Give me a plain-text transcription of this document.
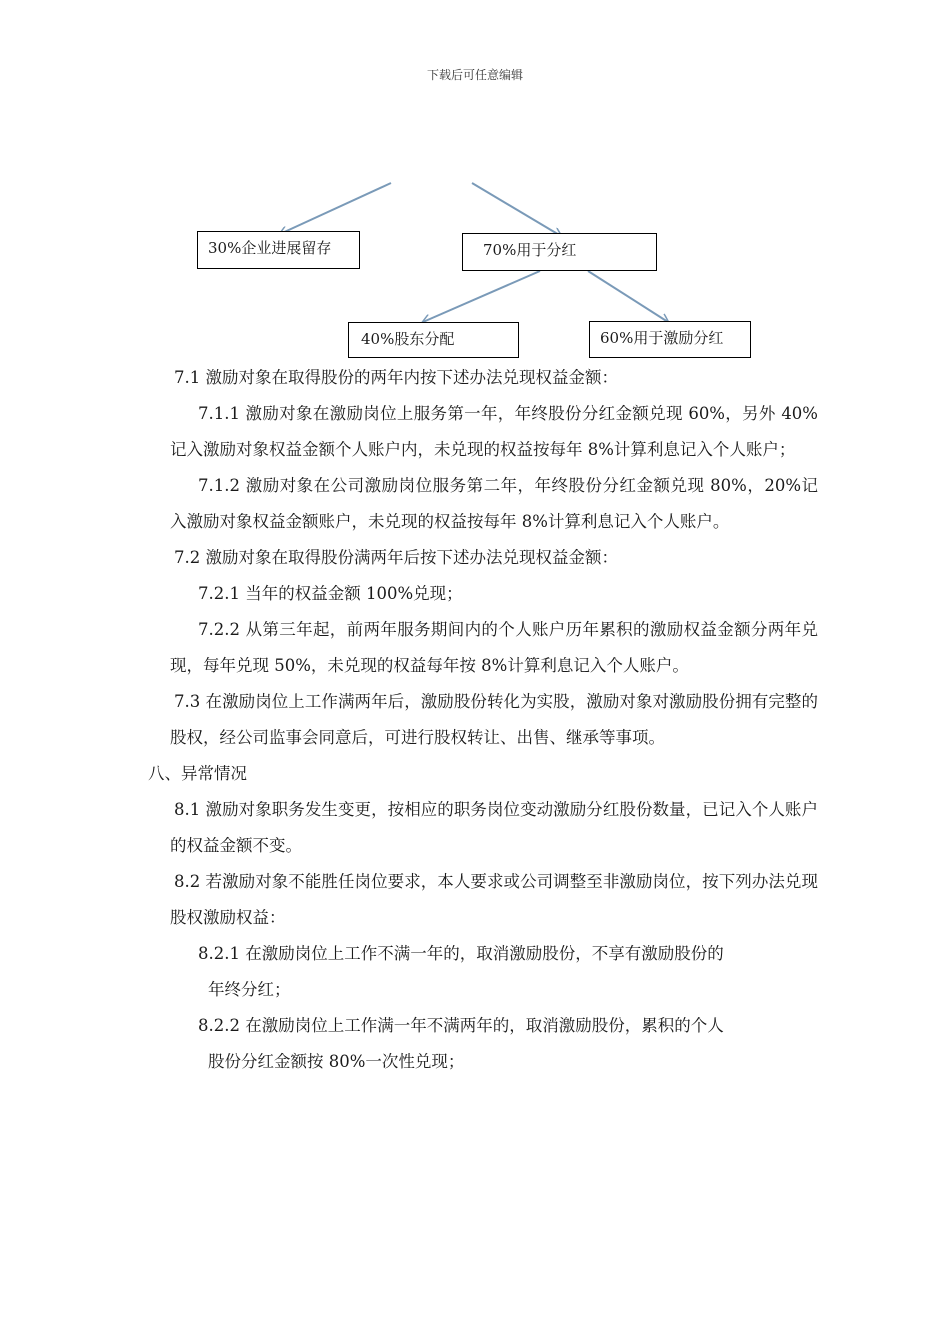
下载后可任意编辑
30%企业进展留存	70%用于分红
40%股东分配	60%用于激励分红

7.1 激励对象在取得股份的两年内按下述办法兑现权益金额：

7.1.1 激励对象在激励岗位上服务第一年，年终股份分红金额兑现 60%，另外 40%记入激励对象权益金额个人账户内，未兑现的权益按每年 8%计算利息记入个人账户；

7.1.2 激励对象在公司激励岗位服务第二年，年终股份分红金额兑现 80%，20%记入激励对象权益金额账户，未兑现的权益按每年 8%计算利息记入个人账户。

7.2 激励对象在取得股份满两年后按下述办法兑现权益金额：

7.2.1 当年的权益金额 100%兑现；

7.2.2 从第三年起，前两年服务期间内的个人账户历年累积的激励权益金额分两年兑现，每年兑现 50%，未兑现的权益每年按 8%计算利息记入个人账户。

7.3 在激励岗位上工作满两年后，激励股份转化为实股，激励对象对激励股份拥有完整的股权，经公司监事会同意后，可进行股权转让、出售、继承等事项。

八、异常情况

8.1 激励对象职务发生变更，按相应的职务岗位变动激励分红股份数量，已记入个人账户的权益金额不变。

8.2 若激励对象不能胜任岗位要求，本人要求或公司调整至非激励岗位，按下列办法兑现股权激励权益：

8.2.1 在激励岗位上工作不满一年的，取消激励股份，不享有激励股份的
年终分红；

8.2.2 在激励岗位上工作满一年不满两年的，取消激励股份，累积的个人
股份分红金额按 80%一次性兑现；
